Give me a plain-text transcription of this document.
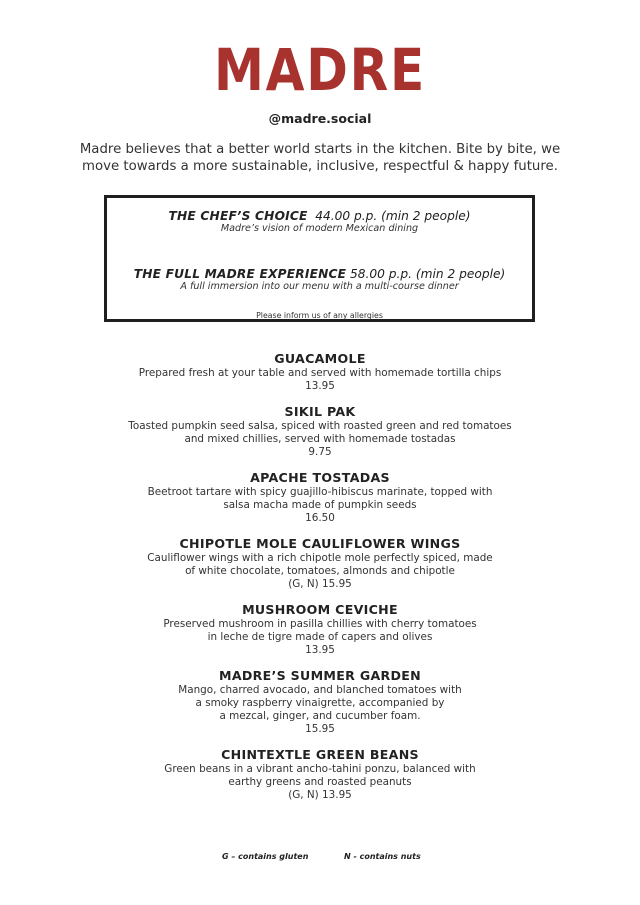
MADRE
@madre.social
Madre believes that a better world starts in the kitchen. Bite by bite, we move towards a more sustainable, inclusive, respectful & happy future.
THE CHEF’S CHOICE 44.00 p.p. (min 2 people)
Madre’s vision of modern Mexican dining
THE FULL MADRE EXPERIENCE 58.00 p.p. (min 2 people)
A full immersion into our menu with a multi-course dinner
Please inform us of any allergies
GUACAMOLE
Prepared fresh at your table and served with homemade tortilla chips
13.95
SIKIL PAK
Toasted pumpkin seed salsa, spiced with roasted green and red tomatoes
and mixed chillies, served with homemade tostadas
9.75
APACHE TOSTADAS
Beetroot tartare with spicy guajillo-hibiscus marinate, topped with
salsa macha made of pumpkin seeds
16.50
CHIPOTLE MOLE CAULIFLOWER WINGS
Cauliflower wings with a rich chipotle mole perfectly spiced, made
of white chocolate, tomatoes, almonds and chipotle
(G, N) 15.95
MUSHROOM CEVICHE
Preserved mushroom in pasilla chillies with cherry tomatoes
in leche de tigre made of capers and olives
13.95
MADRE’S SUMMER GARDEN
Mango, charred avocado, and blanched tomatoes with
a smoky raspberry vinaigrette, accompanied by
a mezcal, ginger, and cucumber foam.
15.95
CHINTEXTLE GREEN BEANS
Green beans in a vibrant ancho-tahini ponzu, balanced with
earthy greens and roasted peanuts
(G, N) 13.95
G – contains gluten	N - contains nuts
